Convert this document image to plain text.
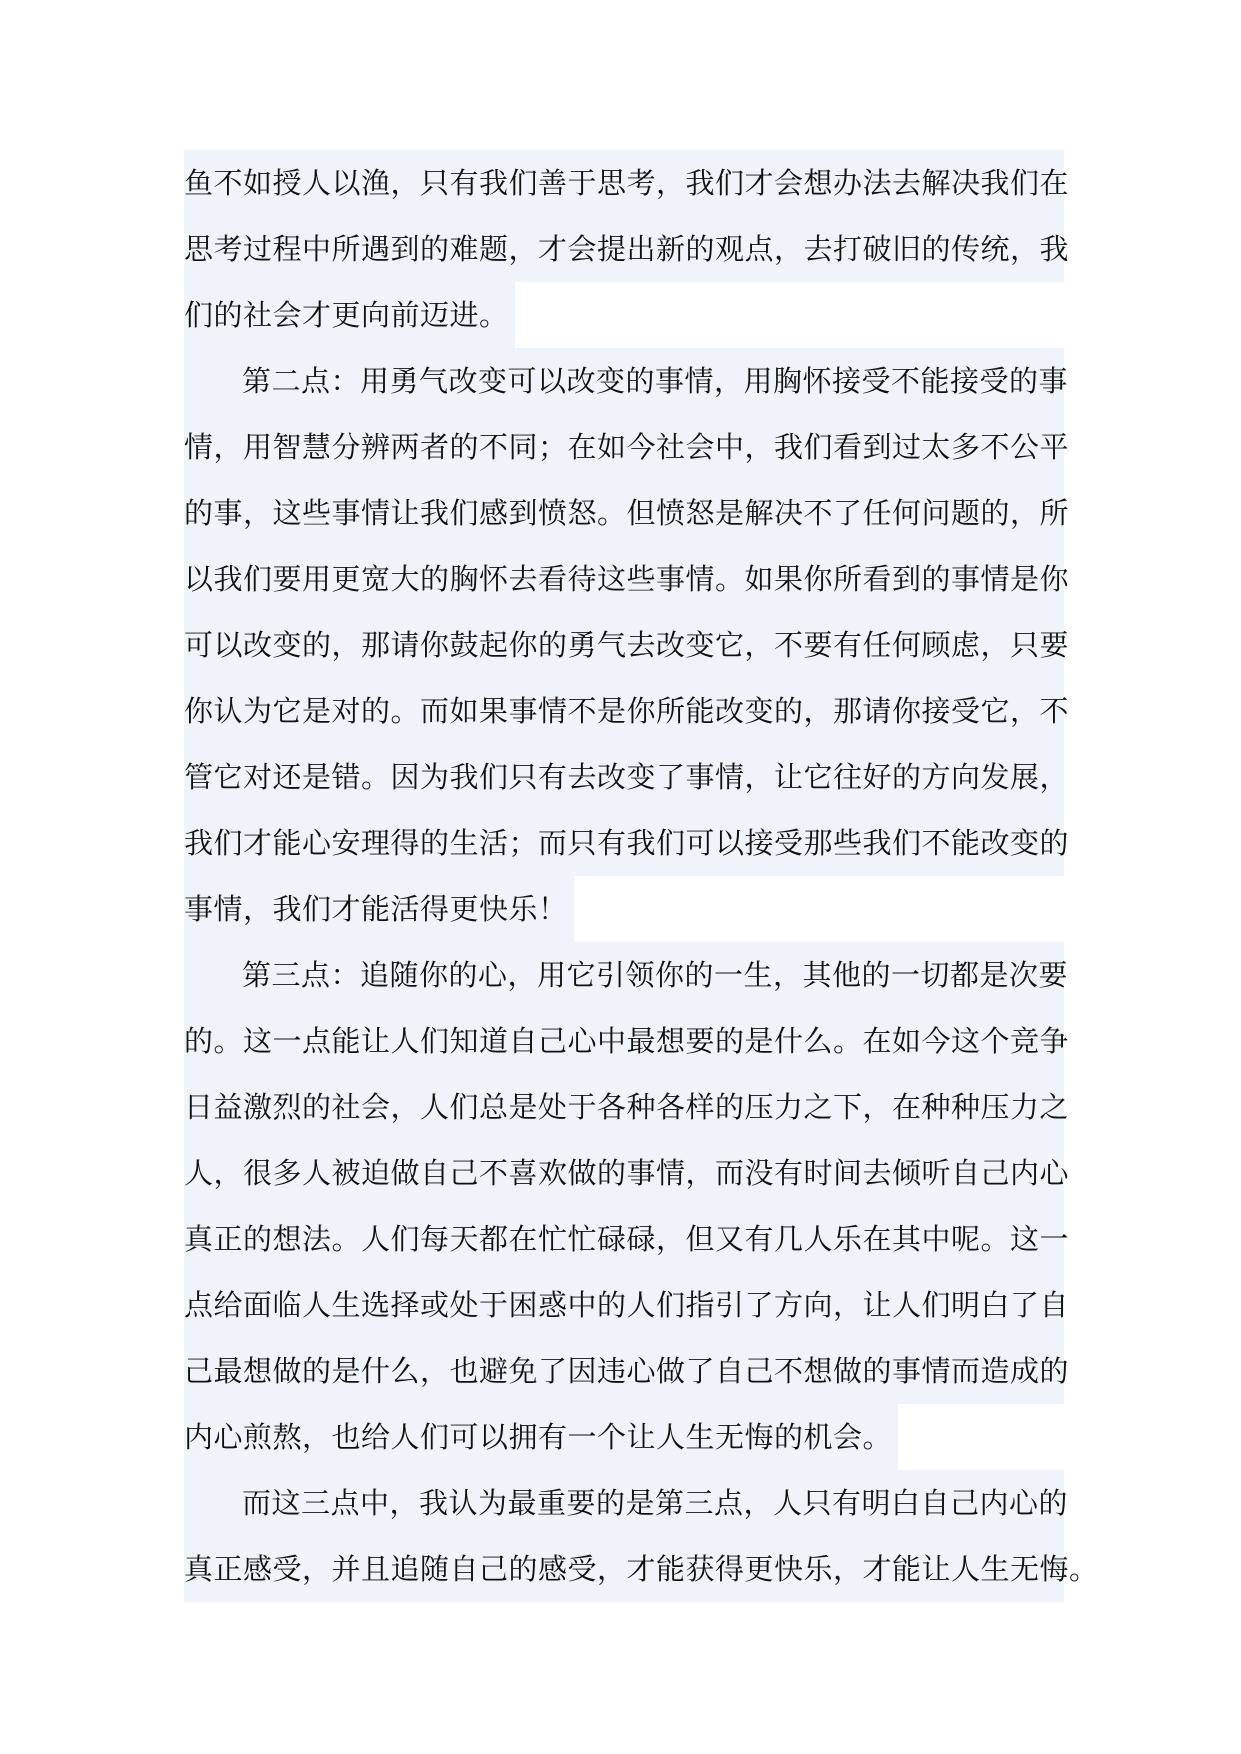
鱼不如授人以渔，只有我们善于思考，我们才会想办法去解决我们在
思考过程中所遇到的难题，才会提出新的观点，去打破旧的传统，我
们的社会才更向前迈进。
第二点：用勇气改变可以改变的事情，用胸怀接受不能接受的事
情，用智慧分辨两者的不同；在如今社会中，我们看到过太多不公平
的事，这些事情让我们感到愤怒。但愤怒是解决不了任何问题的，所
以我们要用更宽大的胸怀去看待这些事情。如果你所看到的事情是你
可以改变的，那请你鼓起你的勇气去改变它，不要有任何顾虑，只要
你认为它是对的。而如果事情不是你所能改变的，那请你接受它，不
管它对还是错。因为我们只有去改变了事情，让它往好的方向发展，
我们才能心安理得的生活；而只有我们可以接受那些我们不能改变的
事情，我们才能活得更快乐！
第三点：追随你的心，用它引领你的一生，其他的一切都是次要
的。这一点能让人们知道自己心中最想要的是什么。在如今这个竞争
日益激烈的社会，人们总是处于各种各样的压力之下，在种种压力之
人，很多人被迫做自己不喜欢做的事情，而没有时间去倾听自己内心
真正的想法。人们每天都在忙忙碌碌，但又有几人乐在其中呢。这一
点给面临人生选择或处于困惑中的人们指引了方向，让人们明白了自
己最想做的是什么，也避免了因违心做了自己不想做的事情而造成的
内心煎熬，也给人们可以拥有一个让人生无悔的机会。
而这三点中，我认为最重要的是第三点，人只有明白自己内心的
真正感受，并且追随自己的感受，才能获得更快乐，才能让人生无悔。
